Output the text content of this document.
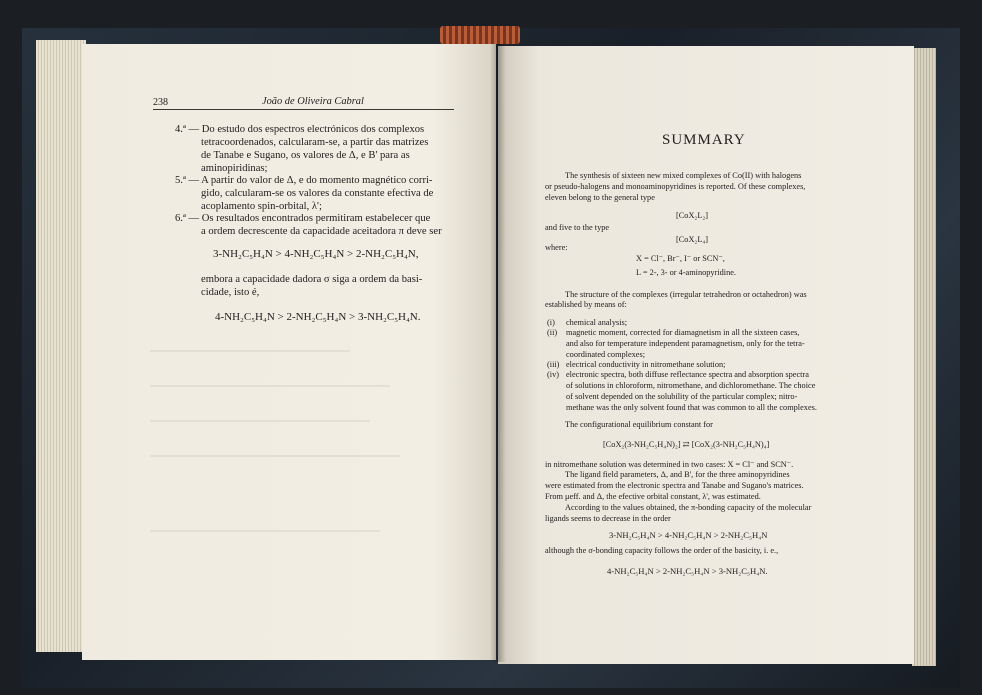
238	João de Oliveira Cabral
4.ª — Do estudo dos espectros electrónicos dos complexos
tetracoordenados, calcularam-se, a partir das matrizes
de Tanabe e Sugano, os valores de Δ, e B' para as
aminopiridinas;
5.ª — A partir do valor de Δ, e do momento magnético corri-
gido, calcularam-se os valores da constante efectiva de
acoplamento spin-orbital, λ';
6.ª — Os resultados encontrados permitiram estabelecer que
a ordem decrescente da capacidade aceitadora π deve ser
3-NH₂C₅H₄N > 4-NH₂C₅H₄N > 2-NH₂C₅H₄N,
embora a capacidade dadora σ siga a ordem da basi-
cidade, isto é,
4-NH₂C₅H₄N > 2-NH₂C₅H₄N > 3-NH₂C₅H₄N.
SUMMARY
The synthesis of sixteen new mixed complexes of Co(II) with halogens
or pseudo-halogens and monoaminopyridines is reported. Of these complexes,
eleven belong to the general type
[CoX₂L₂]
and five to the type
[CoX₂L₄]
where:
X = Cl⁻, Br⁻, I⁻ or SCN⁻,
L = 2-, 3- or 4-aminopyridine.
The structure of the complexes (irregular tetrahedron or octahedron) was
established by means of:
(i) chemical analysis;
(ii) magnetic moment, corrected for diamagnetism in all the sixteen cases,
and also for temperature independent paramagnetism, only for the tetra-
coordinated complexes;
(iii) electrical conductivity in nitromethane solution;
(iv) electronic spectra, both diffuse reflectance spectra and absorption spectra
of solutions in chloroform, nitromethane, and dichloromethane. The choice
of solvent depended on the solubility of the particular complex; nitro-
methane was the only solvent found that was common to all the complexes.
The configurational equilibrium constant for
[CoX₂(3-NH₂C₅H₄N)₂] ⇄ [CoX₂(3-NH₂C₅H₄N)₄]
in nitromethane solution was determined in two cases: X = Cl⁻ and SCN⁻.
The ligand field parameters, Δ, and B', for the three aminopyridines
were estimated from the electronic spectra and Tanabe and Sugano's matrices.
From μeff. and Δ, the efective orbital constant, λ', was estimated.
According to the values obtained, the π-bonding capacity of the molecular
ligands seems to decrease in the order
3-NH₂C₅H₄N > 4-NH₂C₅H₄N > 2-NH₂C₅H₄N
although the σ-bonding capacity follows the order of the basicity, i. e.,
4-NH₂C₅H₄N > 2-NH₂C₅H₄N > 3-NH₂C₅H₄N.
